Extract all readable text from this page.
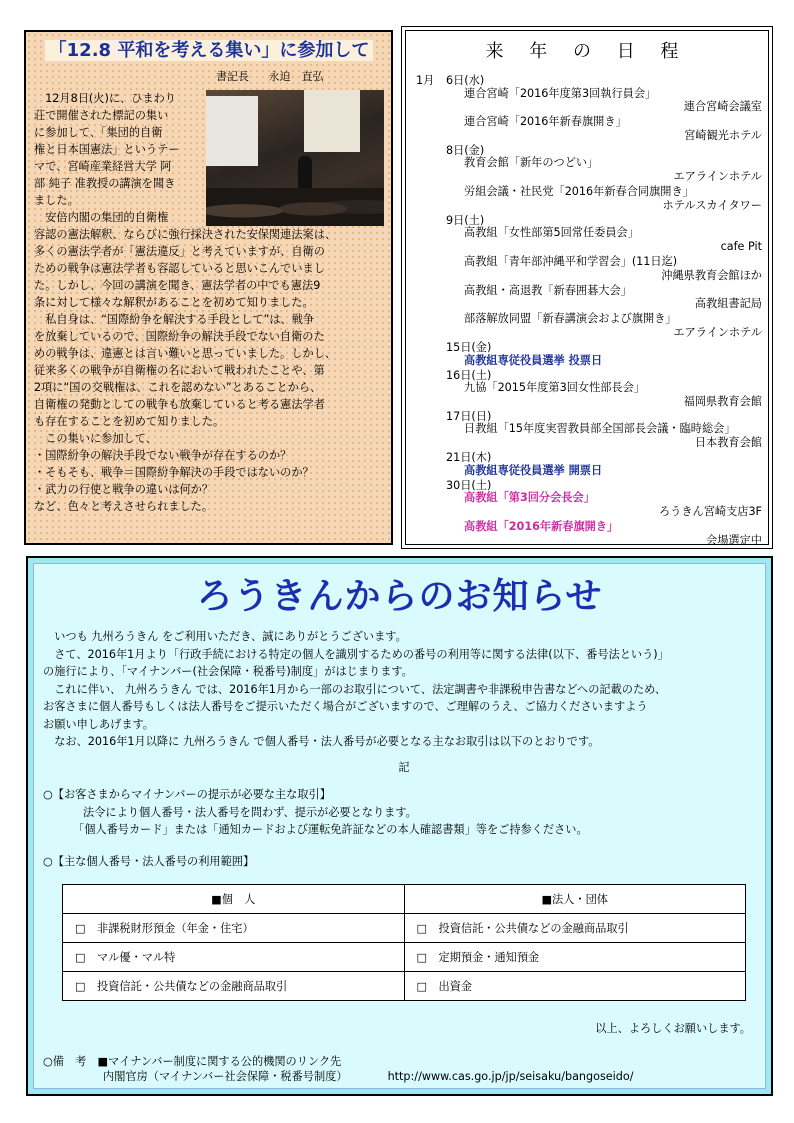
「12.8 平和を考える集い」に参加して
書記長 永迫　直弘

　12月8日(火)に、ひまわり

荘で開催された標記の集い

に参加して、「集団的自衛

権と日本国憲法」というテー

マで、宮崎産業経営大学 阿

部 純子 准教授の講演を聞き

ました。

　安倍内閣の集団的自衛権

容認の憲法解釈、ならびに強行採決された安保関連法案は、

多くの憲法学者が「憲法違反」と考えていますが、自衛の

ための戦争は憲法学者も容認していると思いこんでいまし

た。しかし、今回の講演を聞き、憲法学者の中でも憲法9

条に対して様々な解釈があることを初めて知りました。

　私自身は、“国際紛争を解決する手段として”は、戦争

を放棄しているので、国際紛争の解決手段でない自衛のた

めの戦争は、違憲とは言い難いと思っていました。しかし、

従来多くの戦争が自衛権の名において戦われたことや、第

2項に“国の交戦権は、これを認めない”とあることから、

自衛権の発動としての戦争も放棄していると考る憲法学者

も存在することを初めて知りました。

　この集いに参加して、

・国際紛争の解決手段でない戦争が存在するのか？

・そもそも、戦争＝国際紛争解決の手段ではないのか？

・武力の行使と戦争の違いは何か？

など、色々と考えさせられました。

来 年 の 日 程
1月 6日(水)
連合宮崎「2016年度第3回執行員会」
連合宮崎会議室
連合宮崎「2016年新春旗開き」
宮崎観光ホテル
8日(金)
教育会館「新年のつどい」
エアラインホテル
労組会議・社民党「2016年新春合同旗開き」
ホテルスカイタワー
9日(土)
高教組「女性部第5回常任委員会」
cafe Pit
高教組「青年部沖縄平和学習会」(11日迄)
沖縄県教育会館ほか
高教組・高退教「新春囲碁大会」
高教組書記局
部落解放同盟「新春講演会および旗開き」
エアラインホテル
15日(金)
高教組専従役員選挙 投票日
16日(土)
九協「2015年度第3回女性部長会」
福岡県教育会館
17日(日)
日教組「15年度実習教員部全国部長会議・臨時総会」
日本教育会館
21日(木)
高教組専従役員選挙 開票日
30日(土)
高教組「第3回分会長会」
ろうきん宮崎支店3F
高教組「2016年新春旗開き」
会場選定中
ろうきんからのお知らせ

　いつも 九州ろうきん をご利用いただき、誠にありがとうございます。

　さて、2016年1月より「行政手続における特定の個人を識別するための番号の利用等に関する法律(以下、番号法という)」

の施行により、「マイナンバー(社会保障・税番号)制度」がはじまります。

　これに伴い、 九州ろうきん では、2016年1月から一部のお取引について、法定調書や非課税申告書などへの記載のため、

お客さまに個人番号もしくは法人番号をご提示いただく場合がございますので、ご理解のうえ、ご協力くださいますよう

お願い申しあげます。

　なお、2016年1月以降に 九州ろうきん で個人番号・法人番号が必要となる主なお取引は以下のとおりです。

記

○【お客さまからマイナンバーの提示が必要な主な取引】

法令により個人番号・法人番号を問わず、提示が必要となります。

「個人番号カード」または「通知カードおよび運転免許証などの本人確認書類」等をご持参ください。

○【主な個人番号・法人番号の利用範囲】

■個　人	■法人・団体
□ 非課税財形預金（年金・住宅）	□ 投資信託・公共債などの金融商品取引
□ マル優・マル特	□ 定期預金・通知預金
□ 投資信託・公共債などの金融商品取引	□ 出資金
以上、よろしくお願いします。
○備　考　 ■マイナンバー制度に関する公的機関のリンク先
内閣官房（マイナンバー社会保障・税番号制度）	http://www.cas.go.jp/jp/seisaku/bangoseido/
